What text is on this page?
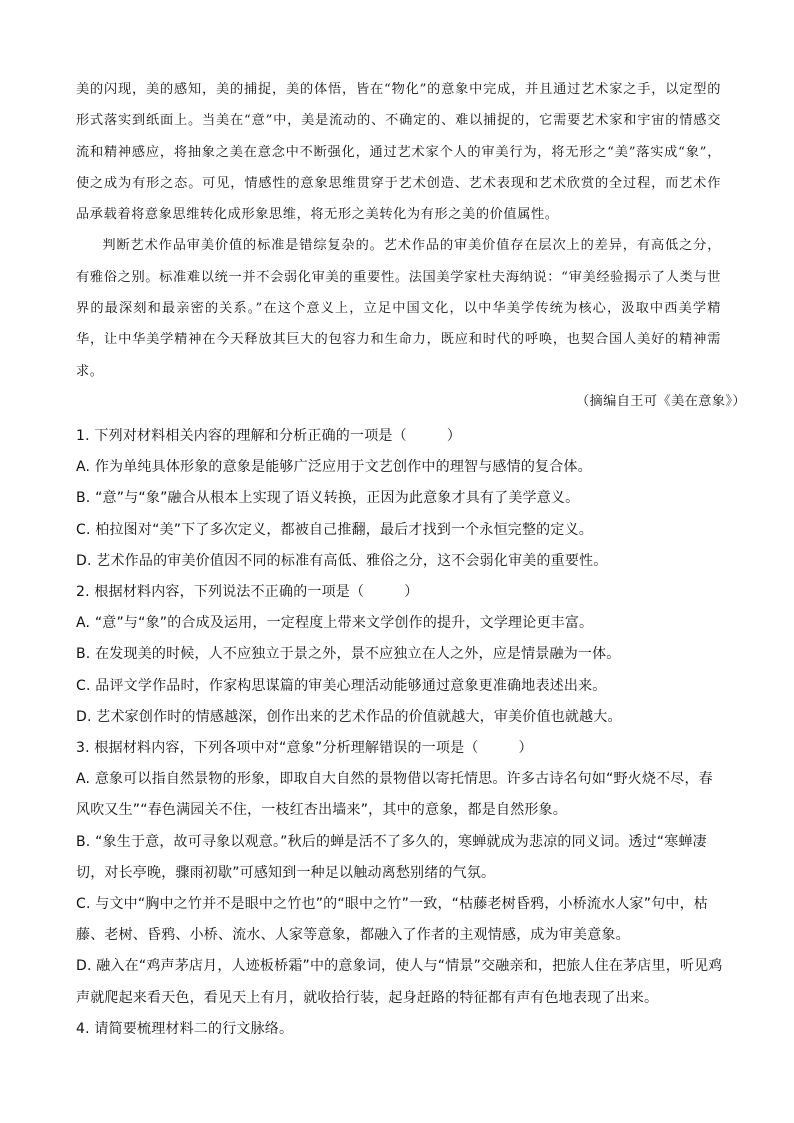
美的闪现，美的感知，美的捕捉，美的体悟，皆在“物化”的意象中完成，并且通过艺术家之手，以定型的形式落实到纸面上。当美在“意”中，美是流动的、不确定的、难以捕捉的，它需要艺术家和宇宙的情感交流和精神感应，将抽象之美在意念中不断强化，通过艺术家个人的审美行为，将无形之“美”落实成“象”，使之成为有形之态。可见，情感性的意象思维贯穿于艺术创造、艺术表现和艺术欣赏的全过程，而艺术作品承载着将意象思维转化成形象思维，将无形之美转化为有形之美的价值属性。

判断艺术作品审美价值的标准是错综复杂的。艺术作品的审美价值存在层次上的差异，有高低之分，有雅俗之别。标准难以统一并不会弱化审美的重要性。法国美学家杜夫海纳说：“审美经验揭示了人类与世界的最深刻和最亲密的关系。”在这个意义上，立足中国文化，以中华美学传统为核心，汲取中西美学精华，让中华美学精神在今天释放其巨大的包容力和生命力，既应和时代的呼唤，也契合国人美好的精神需求。

（摘编自王可《美在意象》）

1. 下列对材料相关内容的理解和分析正确的一项是（	）

A. 作为单纯具体形象的意象是能够广泛应用于文艺创作中的理智与感情的复合体。

B. “意”与“象”融合从根本上实现了语义转换，正因为此意象才具有了美学意义。

C. 柏拉图对“美”下了多次定义，都被自己推翻，最后才找到一个永恒完整的定义。

D. 艺术作品的审美价值因不同的标准有高低、雅俗之分，这不会弱化审美的重要性。

2. 根据材料内容，下列说法不正确的一项是（	）

A. “意”与“象”的合成及运用，一定程度上带来文学创作的提升，文学理论更丰富。

B. 在发现美的时候，人不应独立于景之外，景不应独立在人之外，应是情景融为一体。

C. 品评文学作品时，作家构思谋篇的审美心理活动能够通过意象更准确地表述出来。

D. 艺术家创作时的情感越深，创作出来的艺术作品的价值就越大，审美价值也就越大。

3. 根据材料内容，下列各项中对“意象”分析理解错误的一项是（	）

A. 意象可以指自然景物的形象，即取自大自然的景物借以寄托情思。许多古诗名句如“野火烧不尽，春风吹又生”“春色满园关不住，一枝红杏出墙来”，其中的意象，都是自然形象。

B. “象生于意，故可寻象以观意。”秋后的蝉是活不了多久的，寒蝉就成为悲凉的同义词。透过“寒蝉凄切，对长亭晚，骤雨初歇”可感知到一种足以触动离愁别绪的气氛。

C. 与文中“胸中之竹并不是眼中之竹也”的“眼中之竹”一致，“枯藤老树昏鸦，小桥流水人家”句中，枯藤、老树、昏鸦、小桥、流水、人家等意象，都融入了作者的主观情感，成为审美意象。

D. 融入在“鸡声茅店月，人迹板桥霜”中的意象词，使人与“情景”交融亲和，把旅人住在茅店里，听见鸡声就爬起来看天色，看见天上有月，就收拾行装，起身赶路的特征都有声有色地表现了出来。

4. 请简要梳理材料二的行文脉络。
